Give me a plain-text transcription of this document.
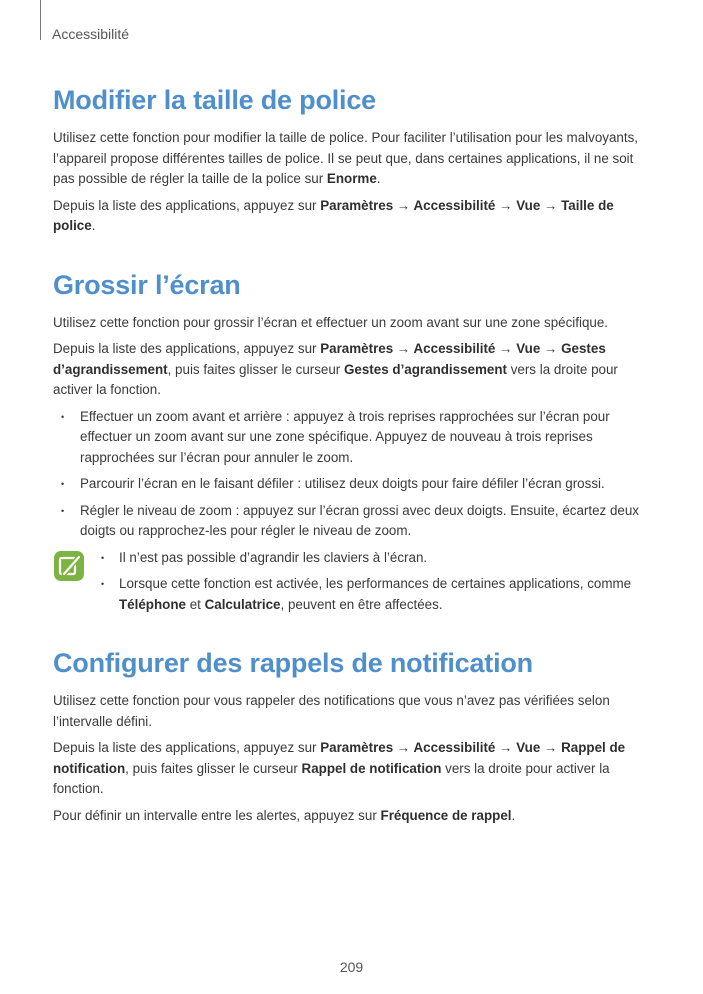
Accessibilité
Modifier la taille de police

Utilisez cette fonction pour modifier la taille de police. Pour faciliter l’utilisation pour les malvoyants, l’appareil propose différentes tailles de police. Il se peut que, dans certaines applications, il ne soit pas possible de régler la taille de la police sur Enorme.

Depuis la liste des applications, appuyez sur Paramètres → Accessibilité → Vue → Taille de police.

Grossir l’écran

Utilisez cette fonction pour grossir l’écran et effectuer un zoom avant sur une zone spécifique.

Depuis la liste des applications, appuyez sur Paramètres → Accessibilité → Vue → Gestes d’agrandissement, puis faites glisser le curseur Gestes d’agrandissement vers la droite pour activer la fonction.

• Effectuer un zoom avant et arrière : appuyez à trois reprises rapprochées sur l’écran pour effectuer un zoom avant sur une zone spécifique. Appuyez de nouveau à trois reprises rapprochées sur l’écran pour annuler le zoom.
• Parcourir l’écran en le faisant défiler : utilisez deux doigts pour faire défiler l’écran grossi.
• Régler le niveau de zoom : appuyez sur l’écran grossi avec deux doigts. Ensuite, écartez deux doigts ou rapprochez-les pour régler le niveau de zoom.
• Il n’est pas possible d’agrandir les claviers à l’écran.
• Lorsque cette fonction est activée, les performances de certaines applications, comme Téléphone et Calculatrice, peuvent en être affectées.
Configurer des rappels de notification

Utilisez cette fonction pour vous rappeler des notifications que vous n’avez pas vérifiées selon l’intervalle défini.

Depuis la liste des applications, appuyez sur Paramètres → Accessibilité → Vue → Rappel de notification, puis faites glisser le curseur Rappel de notification vers la droite pour activer la fonction.

Pour définir un intervalle entre les alertes, appuyez sur Fréquence de rappel.

209
